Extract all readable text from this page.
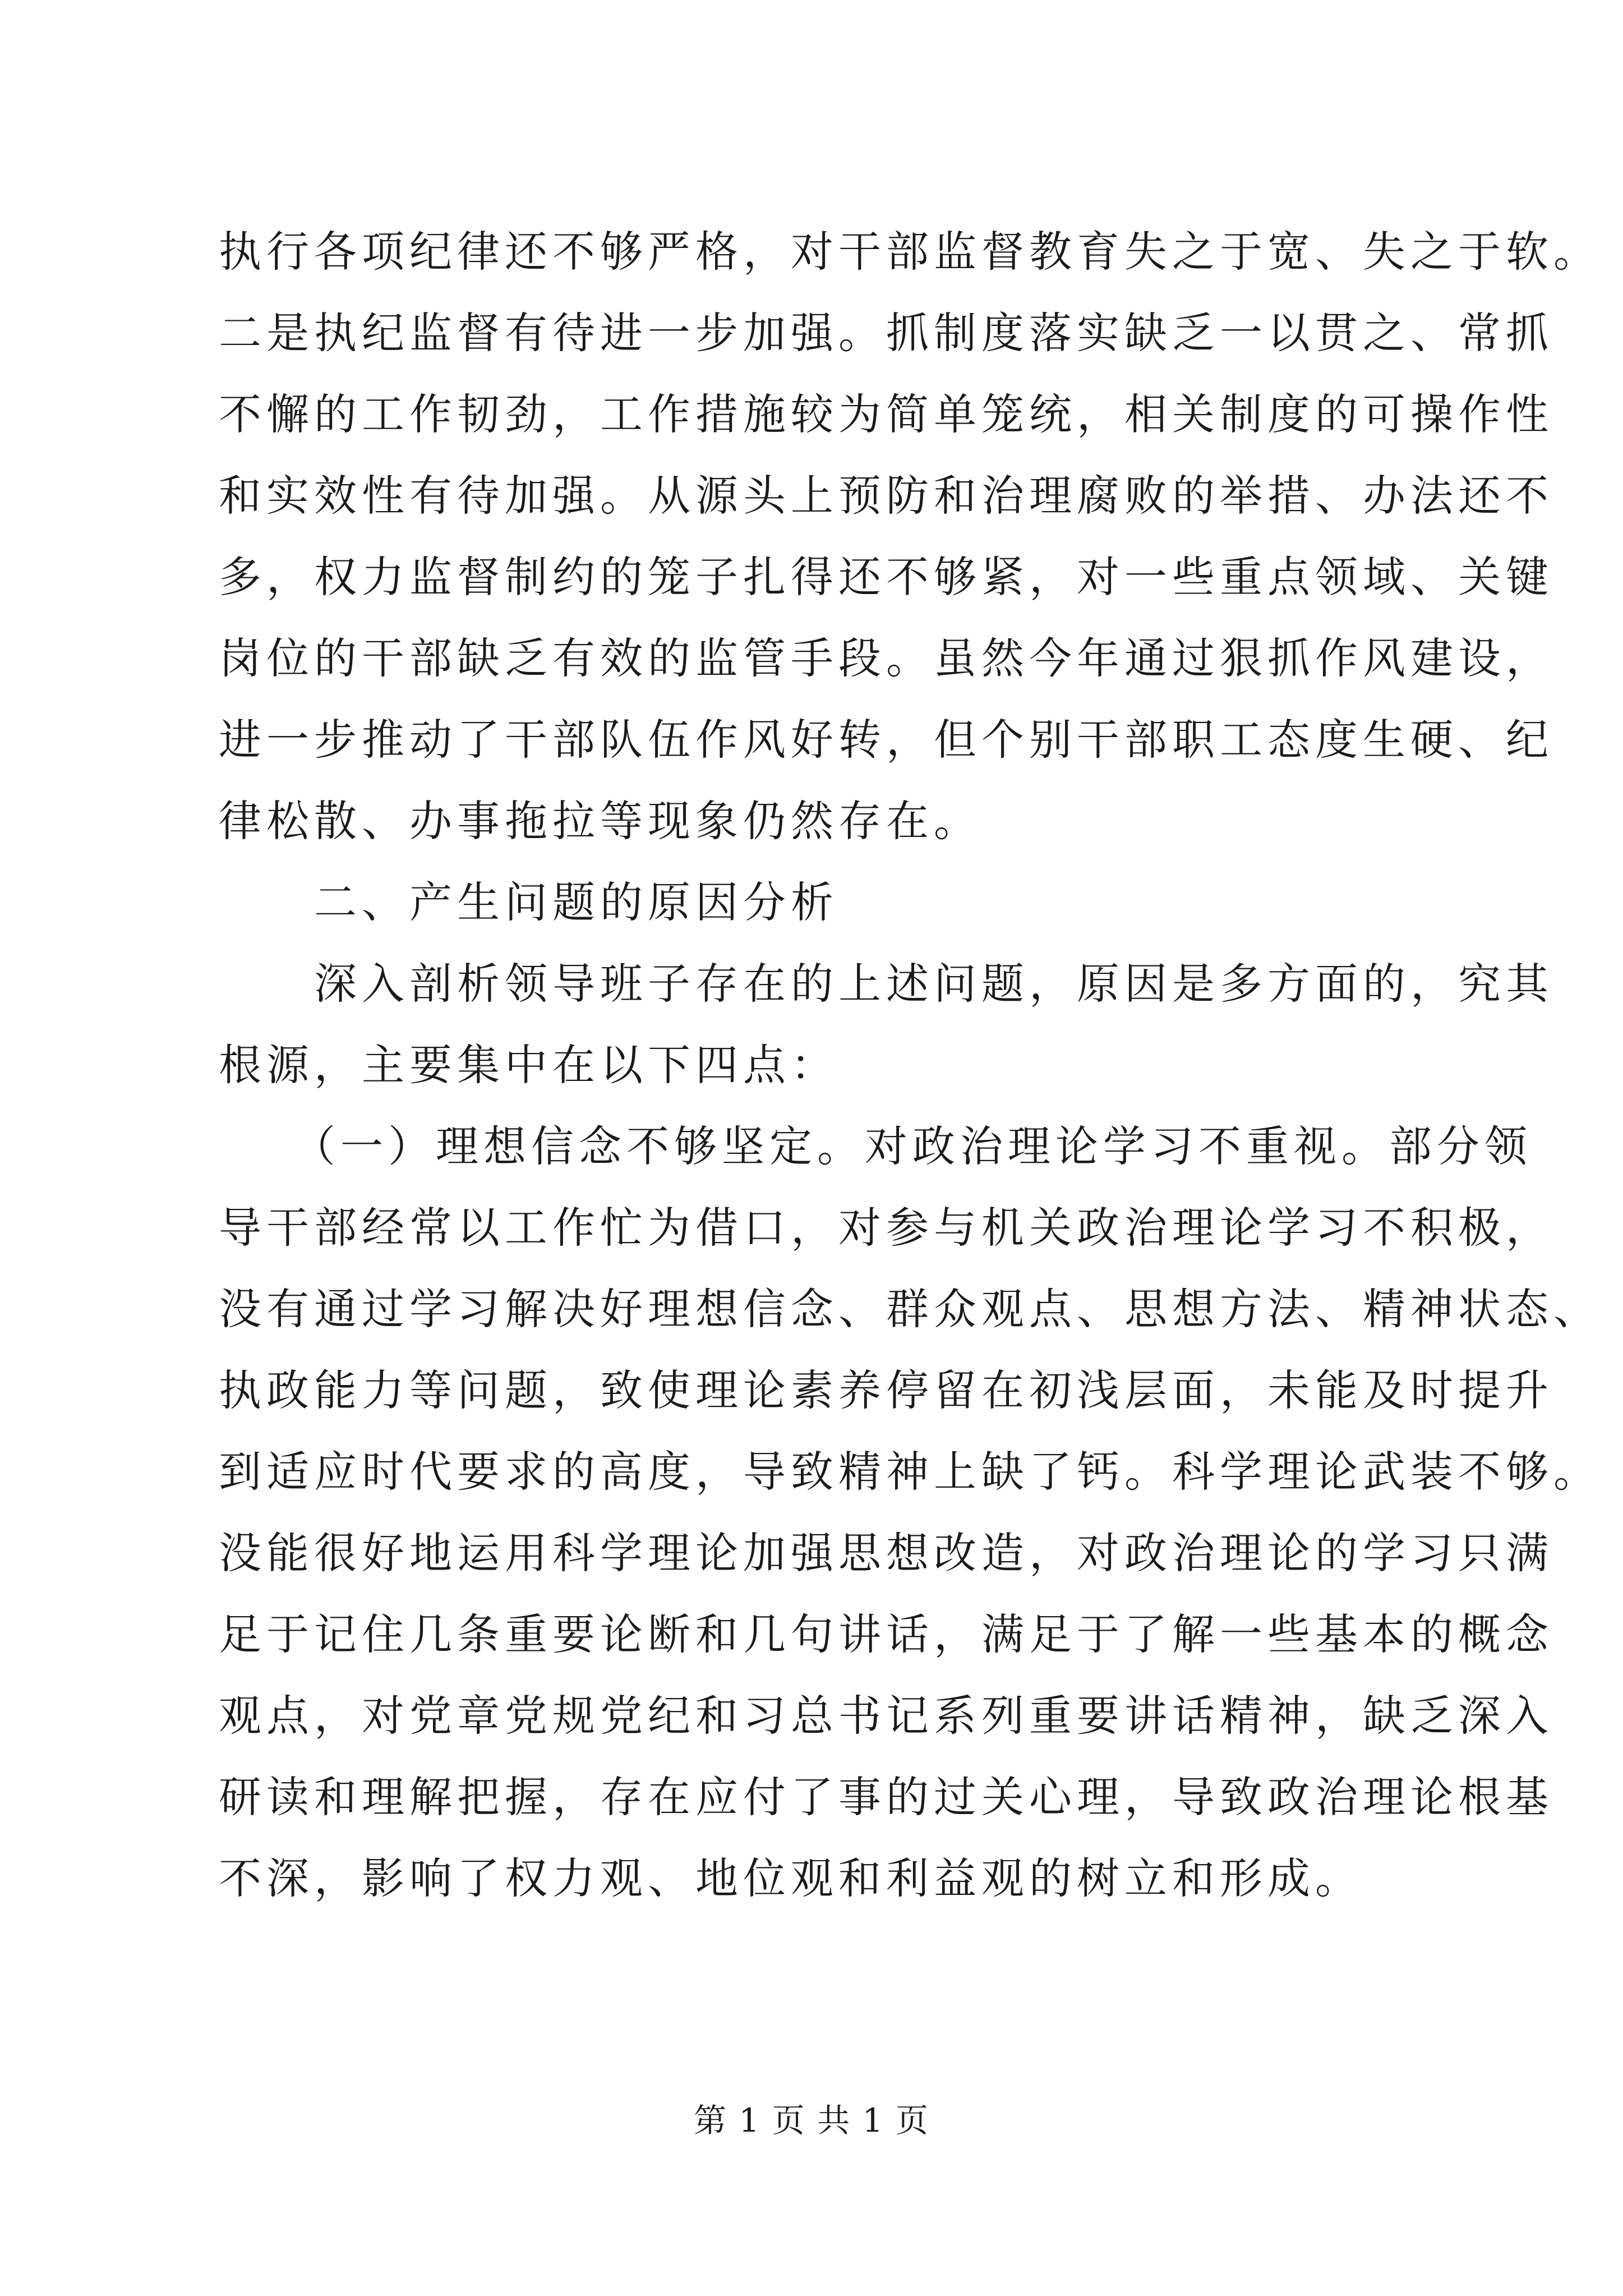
执行各项纪律还不够严格，对干部监督教育失之于宽、失之于软。
二是执纪监督有待进一步加强。抓制度落实缺乏一以贯之、常抓
不懈的工作韧劲，工作措施较为简单笼统，相关制度的可操作性
和实效性有待加强。从源头上预防和治理腐败的举措、办法还不
多，权力监督制约的笼子扎得还不够紧，对一些重点领域、关键
岗位的干部缺乏有效的监管手段。虽然今年通过狠抓作风建设，
进一步推动了干部队伍作风好转，但个别干部职工态度生硬、纪
律松散、办事拖拉等现象仍然存在。
　　二、产生问题的原因分析
　　深入剖析领导班子存在的上述问题，原因是多方面的，究其
根源，主要集中在以下四点：
　　（一）理想信念不够坚定。对政治理论学习不重视。部分领
导干部经常以工作忙为借口，对参与机关政治理论学习不积极，
没有通过学习解决好理想信念、群众观点、思想方法、精神状态、
执政能力等问题，致使理论素养停留在初浅层面，未能及时提升
到适应时代要求的高度，导致精神上缺了钙。科学理论武装不够。
没能很好地运用科学理论加强思想改造，对政治理论的学习只满
足于记住几条重要论断和几句讲话，满足于了解一些基本的概念
观点，对党章党规党纪和习总书记系列重要讲话精神，缺乏深入
研读和理解把握，存在应付了事的过关心理，导致政治理论根基
不深，影响了权力观、地位观和利益观的树立和形成。
第 1 页 共 1 页
